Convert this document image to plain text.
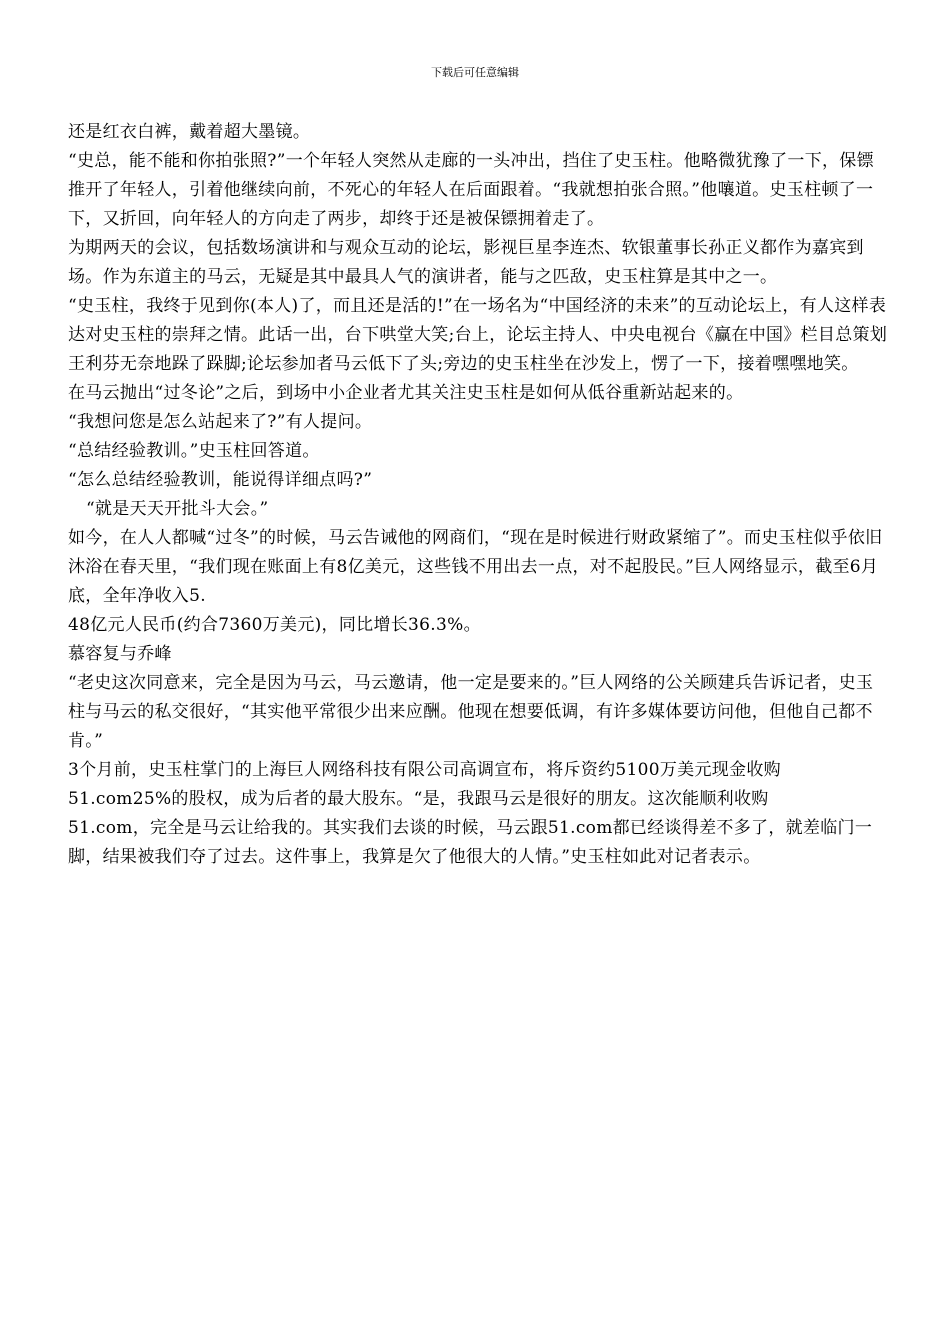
下载后可任意编辑

还是红衣白裤，戴着超大墨镜。

“史总，能不能和你拍张照?”一个年轻人突然从走廊的一头冲出，挡住了史玉柱。他略微犹豫了一下，保镖推开了年轻人，引着他继续向前，不死心的年轻人在后面跟着。“我就想拍张合照。”他嚷道。史玉柱顿了一下，又折回，向年轻人的方向走了两步，却终于还是被保镖拥着走了。

为期两天的会议，包括数场演讲和与观众互动的论坛，影视巨星李连杰、软银董事长孙正义都作为嘉宾到场。作为东道主的马云，无疑是其中最具人气的演讲者，能与之匹敌，史玉柱算是其中之一。

“史玉柱，我终于见到你(本人)了，而且还是活的!”在一场名为“中国经济的未来”的互动论坛上，有人这样表达对史玉柱的崇拜之情。此话一出，台下哄堂大笑;台上，论坛主持人、中央电视台《赢在中国》栏目总策划王利芬无奈地跺了跺脚;论坛参加者马云低下了头;旁边的史玉柱坐在沙发上，愣了一下，接着嘿嘿地笑。

在马云抛出“过冬论”之后，到场中小企业者尤其关注史玉柱是如何从低谷重新站起来的。

“我想问您是怎么站起来了?”有人提问。

“总结经验教训。”史玉柱回答道。

“怎么总结经验教训，能说得详细点吗?”

“就是天天开批斗大会。”

如今，在人人都喊“过冬”的时候，马云告诫他的网商们，“现在是时候进行财政紧缩了”。而史玉柱似乎依旧沐浴在春天里，“我们现在账面上有8亿美元，这些钱不用出去一点，对不起股民。”巨人网络显示，截至6月底，全年净收入5.

48亿元人民币(约合7360万美元)，同比增长36.3%。

慕容复与乔峰

“老史这次同意来，完全是因为马云，马云邀请，他一定是要来的。”巨人网络的公关顾建兵告诉记者，史玉柱与马云的私交很好，“其实他平常很少出来应酬。他现在想要低调，有许多媒体要访问他，但他自己都不肯。”

3个月前，史玉柱掌门的上海巨人网络科技有限公司高调宣布，将斥资约5100万美元现金收购

51.com25%的股权，成为后者的最大股东。“是，我跟马云是很好的朋友。这次能顺利收购

51.com，完全是马云让给我的。其实我们去谈的时候，马云跟51.com都已经谈得差不多了，就差临门一脚，结果被我们夺了过去。这件事上，我算是欠了他很大的人情。”史玉柱如此对记者表示。
